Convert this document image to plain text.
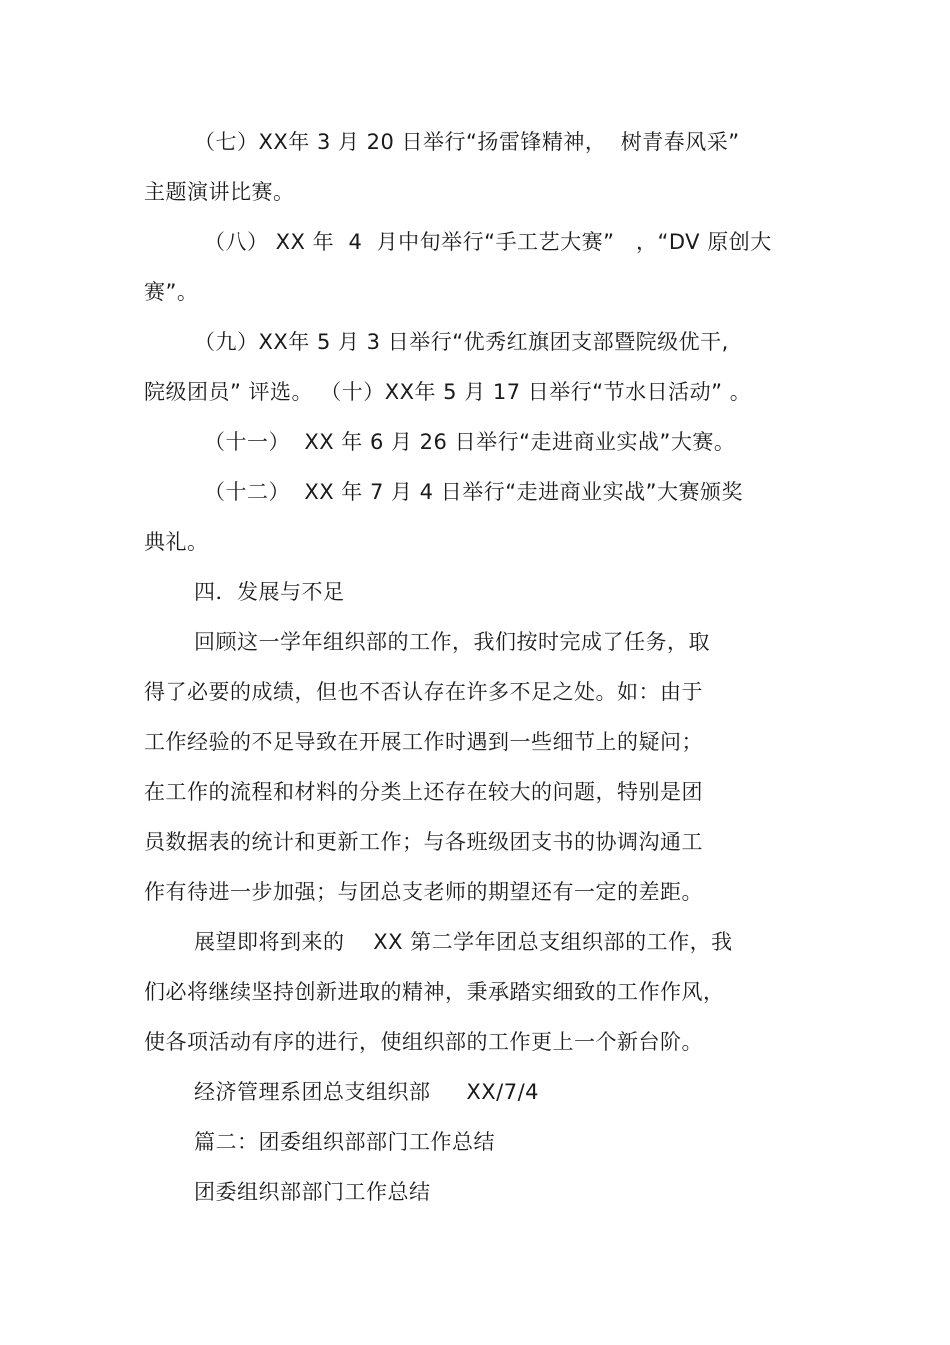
（七）XX年 3 月 20 日举行“扬雷锋精神，  树青春风采”
主题演讲比赛。
（八） XX 年  4  月中旬举行“手工艺大赛”   ，“DV 原创大
赛”。
（九）XX年 5 月 3 日举行“优秀红旗团支部暨院级优干,
院级团员” 评选。 （十）XX年 5 月 17 日举行“节水日活动” 。
（十一）  XX 年 6 月 26 日举行“走进商业实战”大赛。
（十二）  XX 年 7 月 4 日举行“走进商业实战”大赛颁奖
典礼。
四．发展与不足
回顾这一学年组织部的工作，我们按时完成了任务，取
得了必要的成绩，但也不否认存在许多不足之处。如：由于
工作经验的不足导致在开展工作时遇到一些细节上的疑问；
在工作的流程和材料的分类上还存在较大的问题，特别是团
员数据表的统计和更新工作；与各班级团支书的协调沟通工
作有待进一步加强；与团总支老师的期望还有一定的差距。
展望即将到来的    XX 第二学年团总支组织部的工作，我
们必将继续坚持创新进取的精神，秉承踏实细致的工作作风，
使各项活动有序的进行，使组织部的工作更上一个新台阶。
经济管理系团总支组织部     XX/7/4
篇二：团委组织部部门工作总结
团委组织部部门工作总结
